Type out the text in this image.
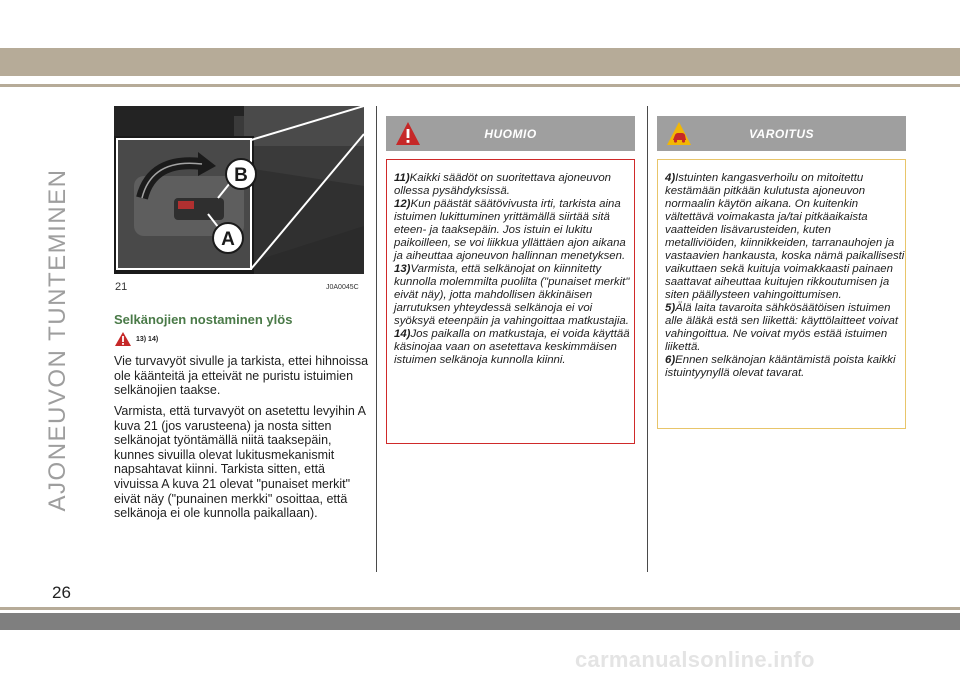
AJONEUVON TUNTEMINEN	B
A
21	J0A0045C
Selkänojien nostaminen ylös
13) 14)

Vie turvavyöt sivulle ja tarkista, ettei hihnoissa ole käänteitä ja etteivät ne puristu istuimien selkänojien taakse.

Varmista, että turvavyöt on asetettu levyihin A kuva 21 (jos varusteena) ja nosta sitten selkänojat työntämällä niitä taaksepäin, kunnes sivuilla olevat lukitusmekanismit napsahtavat kiinni. Tarkista sitten, että vivuissa A kuva 21 olevat "punaiset merkit" eivät näy ("punainen merkki" osoittaa, että selkänoja ei ole kunnolla paikallaan).

HUOMIO

11)Kaikki säädöt on suoritettava ajoneuvon ollessa pysähdyksissä.

12)Kun päästät säätövivusta irti, tarkista aina istuimen lukittuminen yrittämällä siirtää sitä eteen- ja taaksepäin. Jos istuin ei lukitu paikoilleen, se voi liikkua yllättäen ajon aikana ja aiheuttaa ajoneuvon hallinnan menetyksen.

13)Varmista, että selkänojat on kiinnitetty kunnolla molemmilta puolilta ("punaiset merkit" eivät näy), jotta mahdollisen äkkinäisen jarrutuksen yhteydessä selkänoja ei voi syöksyä eteenpäin ja vahingoittaa matkustajia.

14)Jos paikalla on matkustaja, ei voida käyttää käsinojaa vaan on asetettava keskimmäisen istuimen selkänoja kunnolla kiinni.

VAROITUS

4)Istuinten kangasverhoilu on mitoitettu kestämään pitkään kulutusta ajoneuvon normaalin käytön aikana. On kuitenkin vältettävä voimakasta ja/tai pitkäaikaista vaatteiden lisävarusteiden, kuten metalliviöiden, kiinnikkeiden, tarranauhojen ja vastaavien hankausta, koska nämä paikallisesti vaikuttaen sekä kuituja voimakkaasti painaen saattavat aiheuttaa kuitujen rikkoutumisen ja siten päällysteen vahingoittumisen.

5)Älä laita tavaroita sähkösäätöisen istuimen alle äläkä estä sen liikettä: käyttölaitteet voivat vahingoittua. Ne voivat myös estää istuimen liikettä.

6)Ennen selkänojan kääntämistä poista kaikki istuintyynyllä olevat tavarat.

26
carmanualsonline.info
